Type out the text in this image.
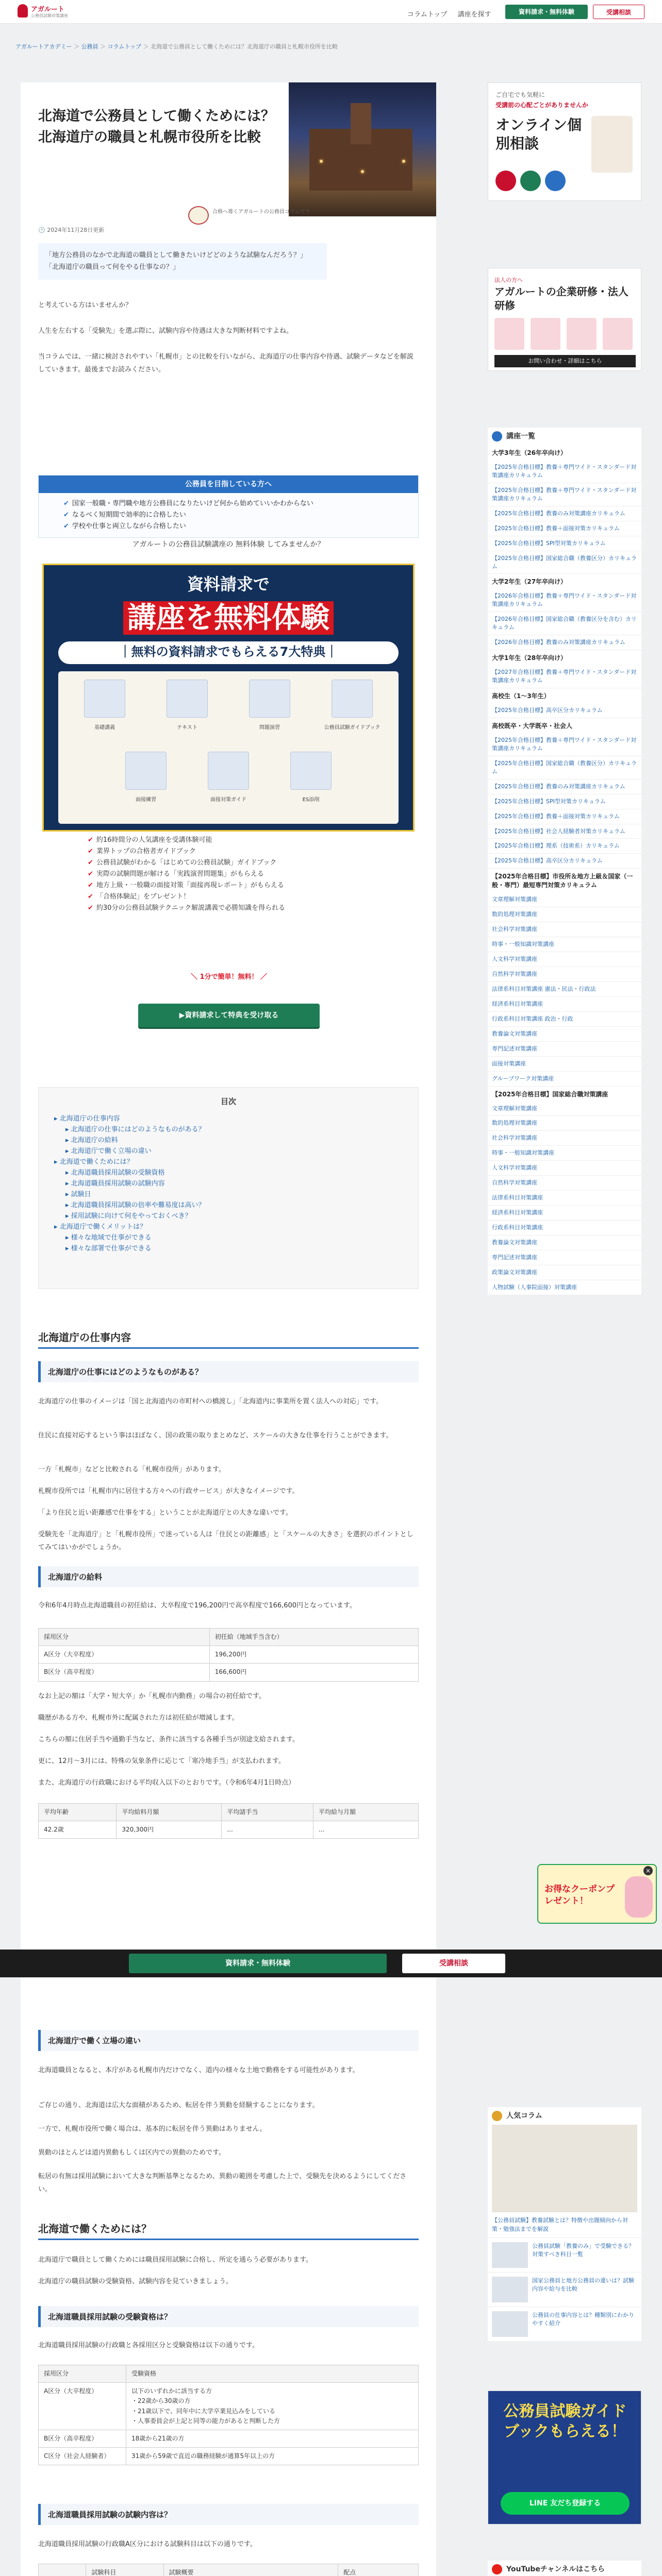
アガルート
公務員試験対策講座	コラムトップ 講座を探す	資料請求・無料体験	受講相談
アガルートアカデミー ＞ 公務員 ＞ コラムトップ ＞ 北海道で公務員として働くためには？北海道庁の職員と札幌市役所を比較
北海道で公務員として働くためには？北海道庁の職員と札幌市役所を比較
合格へ導くアガルートの公務員コラムです
🕑 2024年11月28日更新
「地方公務員のなかで北海道の職員として働きたいけどどのような試験なんだろう？」
「北海道庁の職員って何をやる仕事なの？」
と考えている方はいませんか？
人生を左右する「受験先」を選ぶ際に、試験内容や待遇は大きな判断材料ですよね。
当コラムでは、一緒に検討されやすい「札幌市」との比較を行いながら、北海道庁の仕事内容や待遇、試験データなどを解説していきます。最後までお読みください。
公務員を目指している方へ
✔ 国家一般職・専門職や地方公務員になりたいけど何から始めていいかわからない
✔ なるべく短期間で効率的に合格したい
✔ 学校や仕事と両立しながら合格したい
アガルートの公務員試験講座の 無料体験 してみませんか？
資料請求で
講座を無料体験
｜無料の資料請求でもらえる7大特典｜
基礎講義	テキスト	問題演習	公務員試験ガイドブック
面接練習	面接対策ガイド	ES添削
✔ 約16時間分の人気講座を受講体験可能
✔ 業界トップの合格者ガイドブック
✔ 公務員試験がわかる「はじめての公務員試験」ガイドブック
✔ 実際の試験問題が解ける「実践演習問題集」がもらえる
✔ 地方上級・一般職の面接対策「面接再現レポート」がもらえる
✔ 「合格体験記」をプレゼント！
✔ 約30分の公務員試験テクニック解説講義で必勝知識を得られる
＼ 1分で簡単！無料！ ／
▶資料請求して特典を受け取る
目次
▸ 北海道庁の仕事内容
▸ 北海道庁の仕事にはどのようなものがある？
▸ 北海道庁の給料
▸ 北海道庁で働く立場の違い
▸ 北海道で働くためには？
▸ 北海道職員採用試験の受験資格
▸ 北海道職員採用試験の試験内容
▸ 試験日
▸ 北海道職員採用試験の倍率や難易度は高い？
▸ 採用試験に向けて何をやっておくべき？
▸ 北海道庁で働くメリットは？
▸ 様々な地域で仕事ができる
▸ 様々な部署で仕事ができる
北海道庁の仕事内容
北海道庁の仕事にはどのようなものがある？
北海道庁の仕事のイメージは「国と北海道内の市町村への橋渡し」「北海道内に事業所を置く法人への対応」です。
住民に直接対応するという事はほぼなく、国の政策の取りまとめなど、スケールの大きな仕事を行うことができます。
一方「札幌市」などと比較される「札幌市役所」があります。
札幌市役所では「札幌市内に居住する方々への行政サービス」が大きなイメージです。
「より住民と近い距離感で仕事をする」ということが北海道庁との大きな違いです。
受験先を「北海道庁」と「札幌市役所」で迷っている人は「住民との距離感」と「スケールの大きさ」を選択のポイントとしてみてはいかがでしょうか。
北海道庁の給料
令和6年4月時点北海道職員の初任給は、大卒程度で196,200円で高卒程度で166,600円となっています。
採用区分	初任給（地域手当含む）
A区分（大卒程度）	196,200円
B区分（高卒程度）	166,600円
なお上記の額は「大学・短大卒」か「札幌市内勤務」の場合の初任給です。
職歴がある方や、札幌市外に配属された方は初任給が増減します。
こちらの額に住居手当や通勤手当など、条件に該当する各種手当が別途支給されます。
更に、12月～3月には、特殊の気象条件に応じて「寒冷地手当」が支払われます。
また、北海道庁の行政職における平均収入以下のとおりです。（令和6年4月1日時点）
平均年齢	平均給料月額	平均諸手当	平均給与月額
42.2歳	320,300円	...	...
北海道庁で働く立場の違い
北海道職員となると、本庁がある札幌市内だけでなく、道内の様々な土地で勤務をする可能性があります。
ご存じの通り、北海道は広大な面積があるため、転居を伴う異動を経験することになります。
一方で、札幌市役所で働く場合は、基本的に転居を伴う異動はありません。
異動のほとんどは道内異動もしくは区内での異動のためです。
転居の有無は採用試験において大きな判断基準となるため、異動の範囲を考慮した上で、受験先を決めるようにしてください。
北海道で働くためには？
北海道庁で職員として働くためには職員採用試験に合格し、所定を通らう必要があります。
北海道庁の職員試験の受験資格、試験内容を見ていきましょう。
北海道職員採用試験の受験資格は？
北海道職員採用試験の行政職と各採用区分と受験資格は以下の通りです。
採用区分	受験資格
A区分（大卒程度）	以下のいずれかに該当する方
・22歳から30歳の方
・21歳以下で、同年中に大学卒業見込みをしている
・人事委員会が上記と同等の能力があると判断した方
B区分（高卒程度）	18歳から21歳の方
C区分（社会人経験者）	31歳から59歳で直近の職務経験が通算5年以上の方
北海道職員採用試験の試験内容は？
北海道職員採用試験の行政職A区分における試験科目は以下の通りです。
	試験科目	試験概要	配点

ご自宅でも気軽に
受講前の心配ごとがありませんか
オンライン個別相談
法人の方へ
アガルートの企業研修・法人研修
お問い合わせ・詳細はこちら
講座一覧
大学3年生（26年卒向け）
【2025年合格目標】教養＋専門ワイド・スタンダード対策講座カリキュラム
【2025年合格目標】教養＋専門ワイド・スタンダード対策講座カリキュラム
【2025年合格目標】教養のみ対策講座カリキュラム
【2025年合格目標】教養＋面接対策カリキュラム
【2025年合格目標】SPI型対策カリキュラム
【2025年合格目標】国家総合職（教養区分）カリキュラム
大学2年生（27年卒向け）
【2026年合格目標】教養＋専門ワイド・スタンダード対策講座カリキュラム
【2026年合格目標】国家総合職（教養区分を含む）カリキュラム
【2026年合格目標】教養のみ対策講座カリキュラム
大学1年生（28年卒向け）
【2027年合格目標】教養＋専門ワイド・スタンダード対策講座カリキュラム
高校生（1〜3年生）
【2025年合格目標】高卒区分カリキュラム
高校既卒・大学既卒・社会人
【2025年合格目標】教養＋専門ワイド・スタンダード対策講座カリキュラム
【2025年合格目標】国家総合職（教養区分）カリキュラム
【2025年合格目標】教養のみ対策講座カリキュラム
【2025年合格目標】SPI型対策カリキュラム
【2025年合格目標】教養＋面接対策カリキュラム
【2025年合格目標】社会人経験者対策カリキュラム
【2025年合格目標】理系（技術系）カリキュラム
【2025年合格目標】高卒区分カリキュラム
【2025年合格目標】市役所＆地方上級＆国家（一般・専門）最短専門対策カリキュラム
文章理解対策講座
数的処理対策講座
社会科学対策講座
時事・一般知識対策講座
人文科学対策講座
自然科学対策講座
法律系科目対策講座 憲法・民法・行政法
経済系科目対策講座
行政系科目対策講座 政治・行政
教養論文対策講座
専門記述対策講座
面接対策講座
グループワーク対策講座
【2025年合格目標】国家総合職対策講座
文章理解対策講座
数的処理対策講座
社会科学対策講座
時事・一般知識対策講座
人文科学対策講座
自然科学対策講座
法律系科目対策講座
経済系科目対策講座
行政系科目対策講座
教養論文対策講座
専門記述対策講座
政策論文対策講座
人物試験（人事院面接）対策講座
人気コラム
【公務員試験】教養試験とは？特徴や出題傾向から対策・勉強法までを解説
公務員試験「教養のみ」で受験できる？対策すべき科目一覧
国家公務員と地方公務員の違いは？試験内容や給与を比較
公務員の仕事内容とは？種類別にわかりやすく紹介
公務員試験ガイドブックもらえる！
LINE 友だち登録する
YouTubeチャンネルはこちら
×
お得なクーポンプレゼント！
資料請求・無料体験	受講相談
